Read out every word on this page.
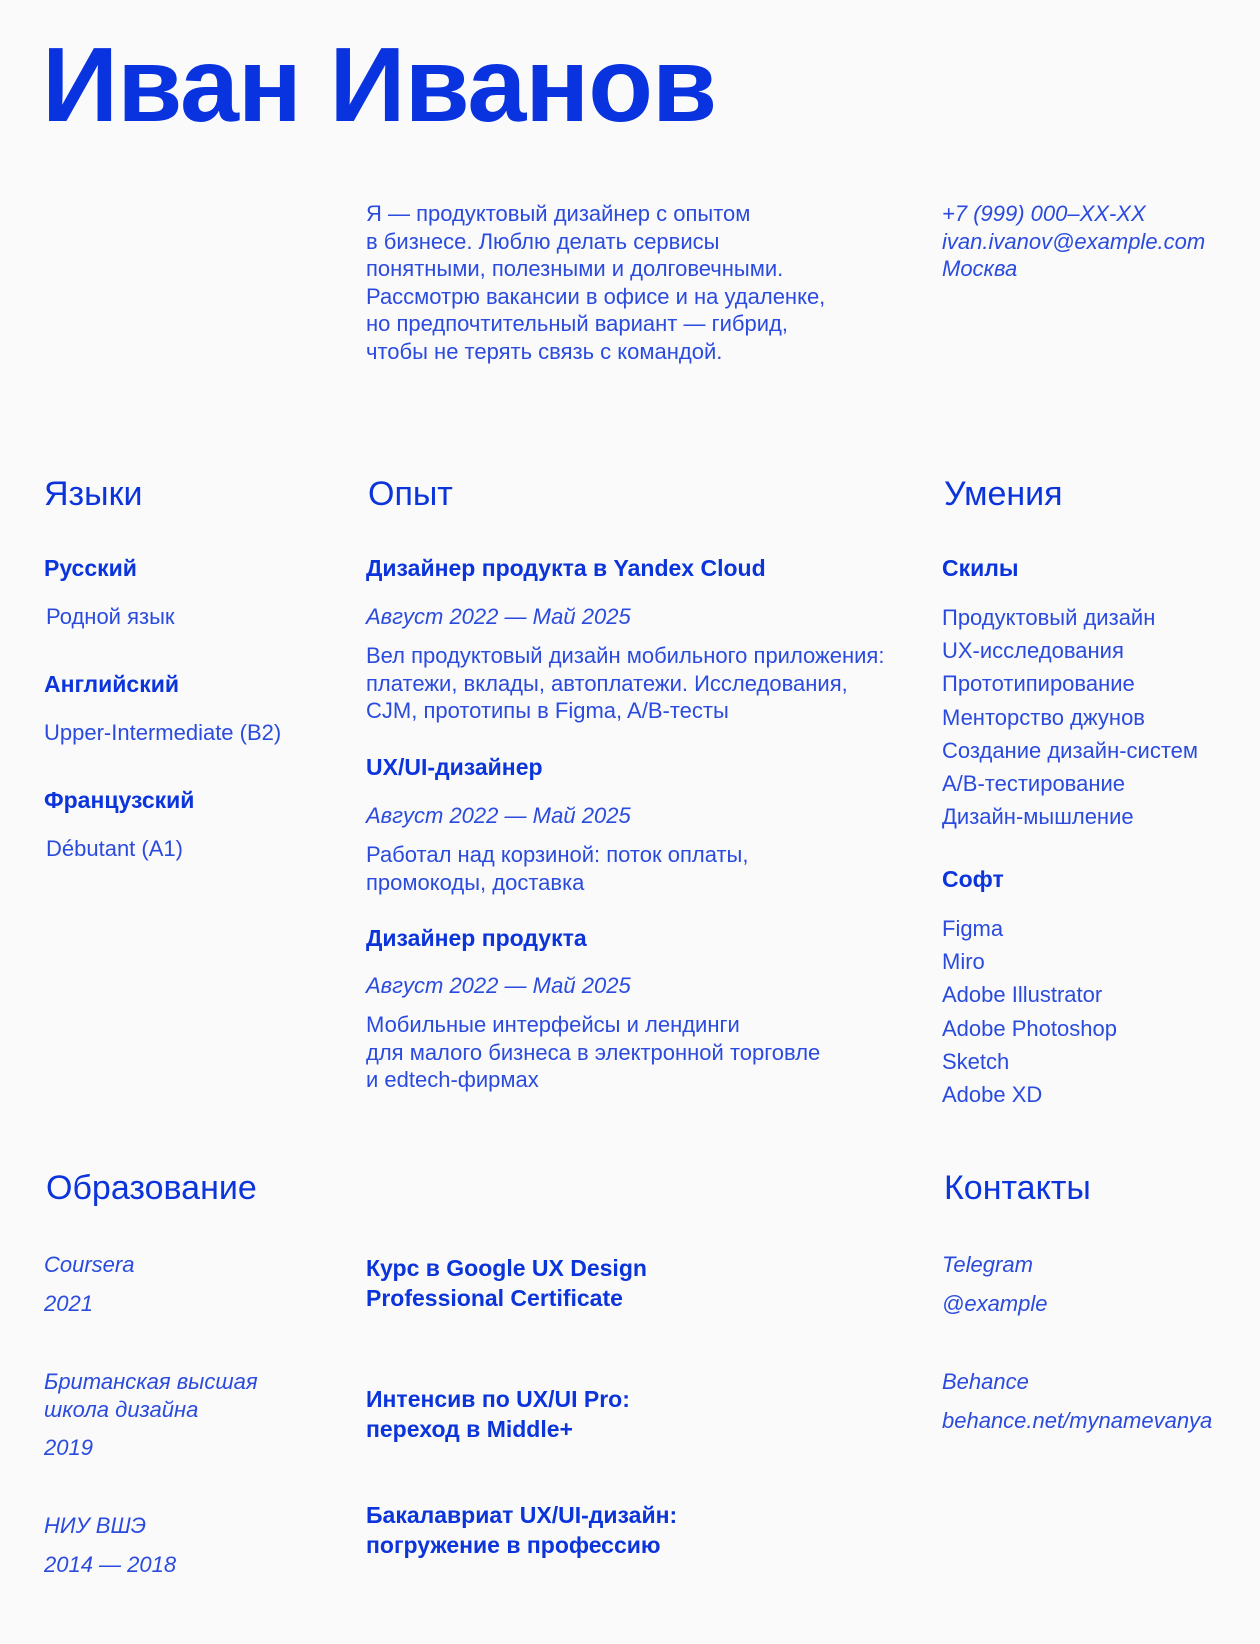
Иван Иванов
Я — продуктовый дизайнер с опытом
в бизнесе. Люблю делать сервисы
понятными, полезными и долговечными.
Рассмотрю вакансии в офисе и на удаленке,
но предпочтительный вариант — гибрид,
чтобы не терять связь с командой.
+7 (999) 000–XX-XX
ivan.ivanov@example.com
Москва
Языки
Русский
Родной язык
Английский
Upper-Intermediate (B2)
Французский
Débutant (A1)
Опыт
Дизайнер продукта в Yandex Cloud
Август 2022 — Май 2025
Вел продуктовый дизайн мобильного приложения:
платежи, вклады, автоплатежи. Исследования,
CJM, прототипы в Figma, A/B-тесты
UX/UI-дизайнер
Август 2022 — Май 2025
Работал над корзиной: поток оплаты,
промокоды, доставка
Дизайнер продукта
Август 2022 — Май 2025
Мобильные интерфейсы и лендинги
для малого бизнеса в электронной торговле
и edtech-фирмах
Умения
Скилы
Продуктовый дизайн
UX-исследования
Прототипирование
Менторство джунов
Создание дизайн-систем
A/B-тестирование
Дизайн-мышление
Софт
Figma
Miro
Adobe Illustrator
Adobe Photoshop
Sketch
Adobe XD
Образование
Coursera
2021
Курс в Google UX Design
Professional Certificate
Британская высшая
школа дизайна
2019
Интенсив по UX/UI Pro:
переход в Middle+
НИУ ВШЭ
2014 — 2018
Бакалавриат UX/UI-дизайн:
погружение в профессию
Контакты
Telegram
@example
Behance
behance.net/mynamevanya
